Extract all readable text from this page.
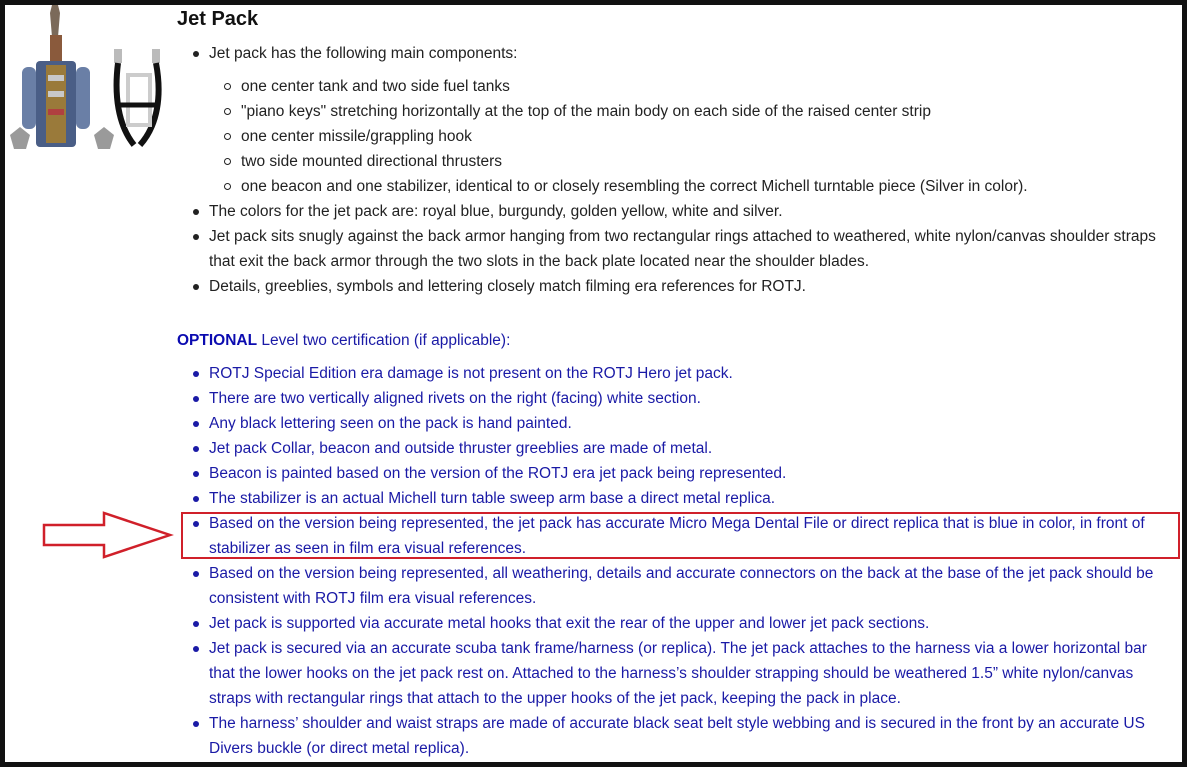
Jet Pack
Jet pack has the following main components:
one center tank and two side fuel tanks
"piano keys" stretching horizontally at the top of the main body on each side of the raised center strip
one center missile/grappling hook
two side mounted directional thrusters
one beacon and one stabilizer, identical to or closely resembling the correct Michell turntable piece (Silver in color).
The colors for the jet pack are: royal blue, burgundy, golden yellow, white and silver.
Jet pack sits snugly against the back armor hanging from two rectangular rings attached to weathered, white nylon/canvas shoulder straps that exit the back armor through the two slots in the back plate located near the shoulder blades.
Details, greeblies, symbols and lettering closely match filming era references for ROTJ.

OPTIONAL Level two certification (if applicable):

ROTJ Special Edition era damage is not present on the ROTJ Hero jet pack.
There are two vertically aligned rivets on the right (facing) white section.
Any black lettering seen on the pack is hand painted.
Jet pack Collar, beacon and outside thruster greeblies are made of metal.
Beacon is painted based on the version of the ROTJ era jet pack being represented.
The stabilizer is an actual Michell turn table sweep arm base a direct metal replica.
Based on the version being represented, the jet pack has accurate Micro Mega Dental File or direct replica that is blue in color, in front of stabilizer as seen in film era visual references.
Based on the version being represented, all weathering, details and accurate connectors on the back at the base of the jet pack should be consistent with ROTJ film era visual references.
Jet pack is supported via accurate metal hooks that exit the rear of the upper and lower jet pack sections.
Jet pack is secured via an accurate scuba tank frame/harness (or replica). The jet pack attaches to the harness via a lower horizontal bar that the lower hooks on the jet pack rest on. Attached to the harness’s shoulder strapping should be weathered 1.5” white nylon/canvas straps with rectangular rings that attach to the upper hooks of the jet pack, keeping the pack in place.
The harness’ shoulder and waist straps are made of accurate black seat belt style webbing and is secured in the front by an accurate US Divers buckle (or direct metal replica).
